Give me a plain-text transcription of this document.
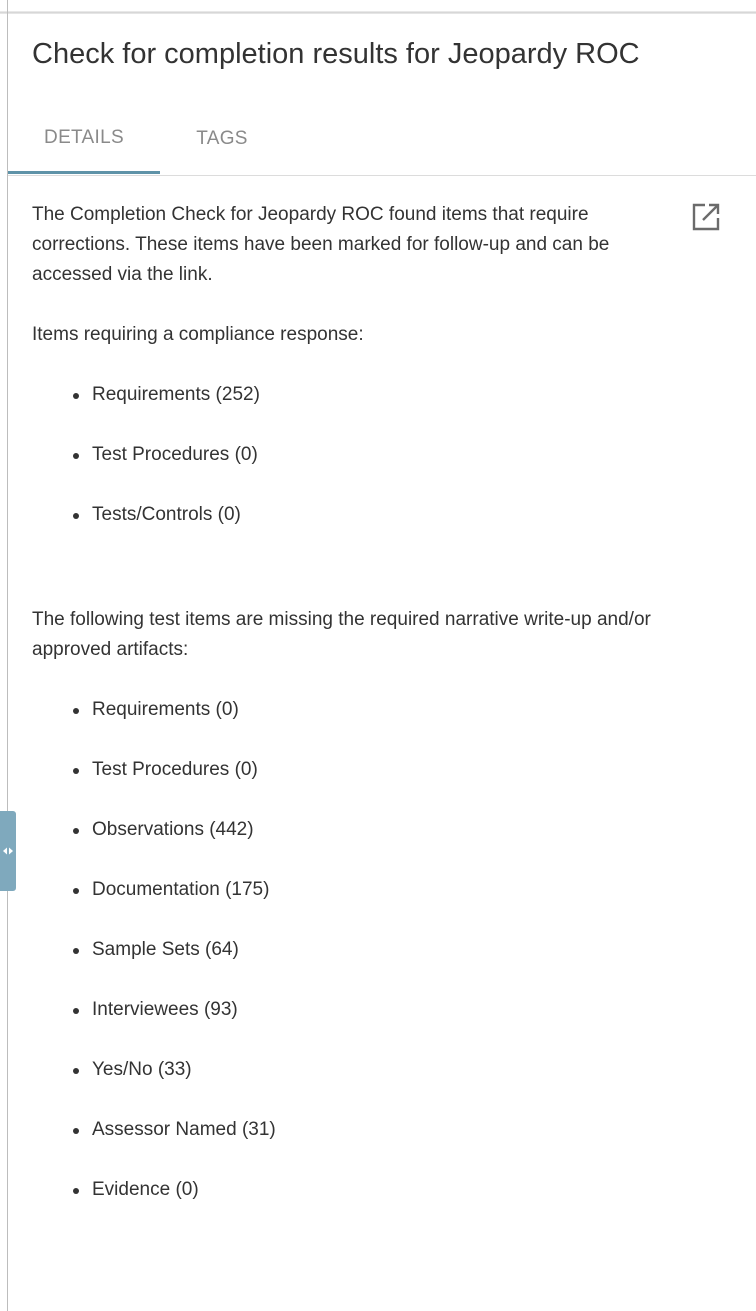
Check for completion results for Jeopardy ROC
DETAILS	TAGS

The Completion Check for Jeopardy ROC found items that require corrections. These items have been marked for follow-up and can be accessed via the link.

Items requiring a compliance response:

Requirements (252)
Test Procedures (0)
Tests/Controls (0)

The following test items are missing the required narrative write-up and/or approved artifacts:

Requirements (0)
Test Procedures (0)
Observations (442)
Documentation (175)
Sample Sets (64)
Interviewees (93)
Yes/No (33)
Assessor Named (31)
Evidence (0)
